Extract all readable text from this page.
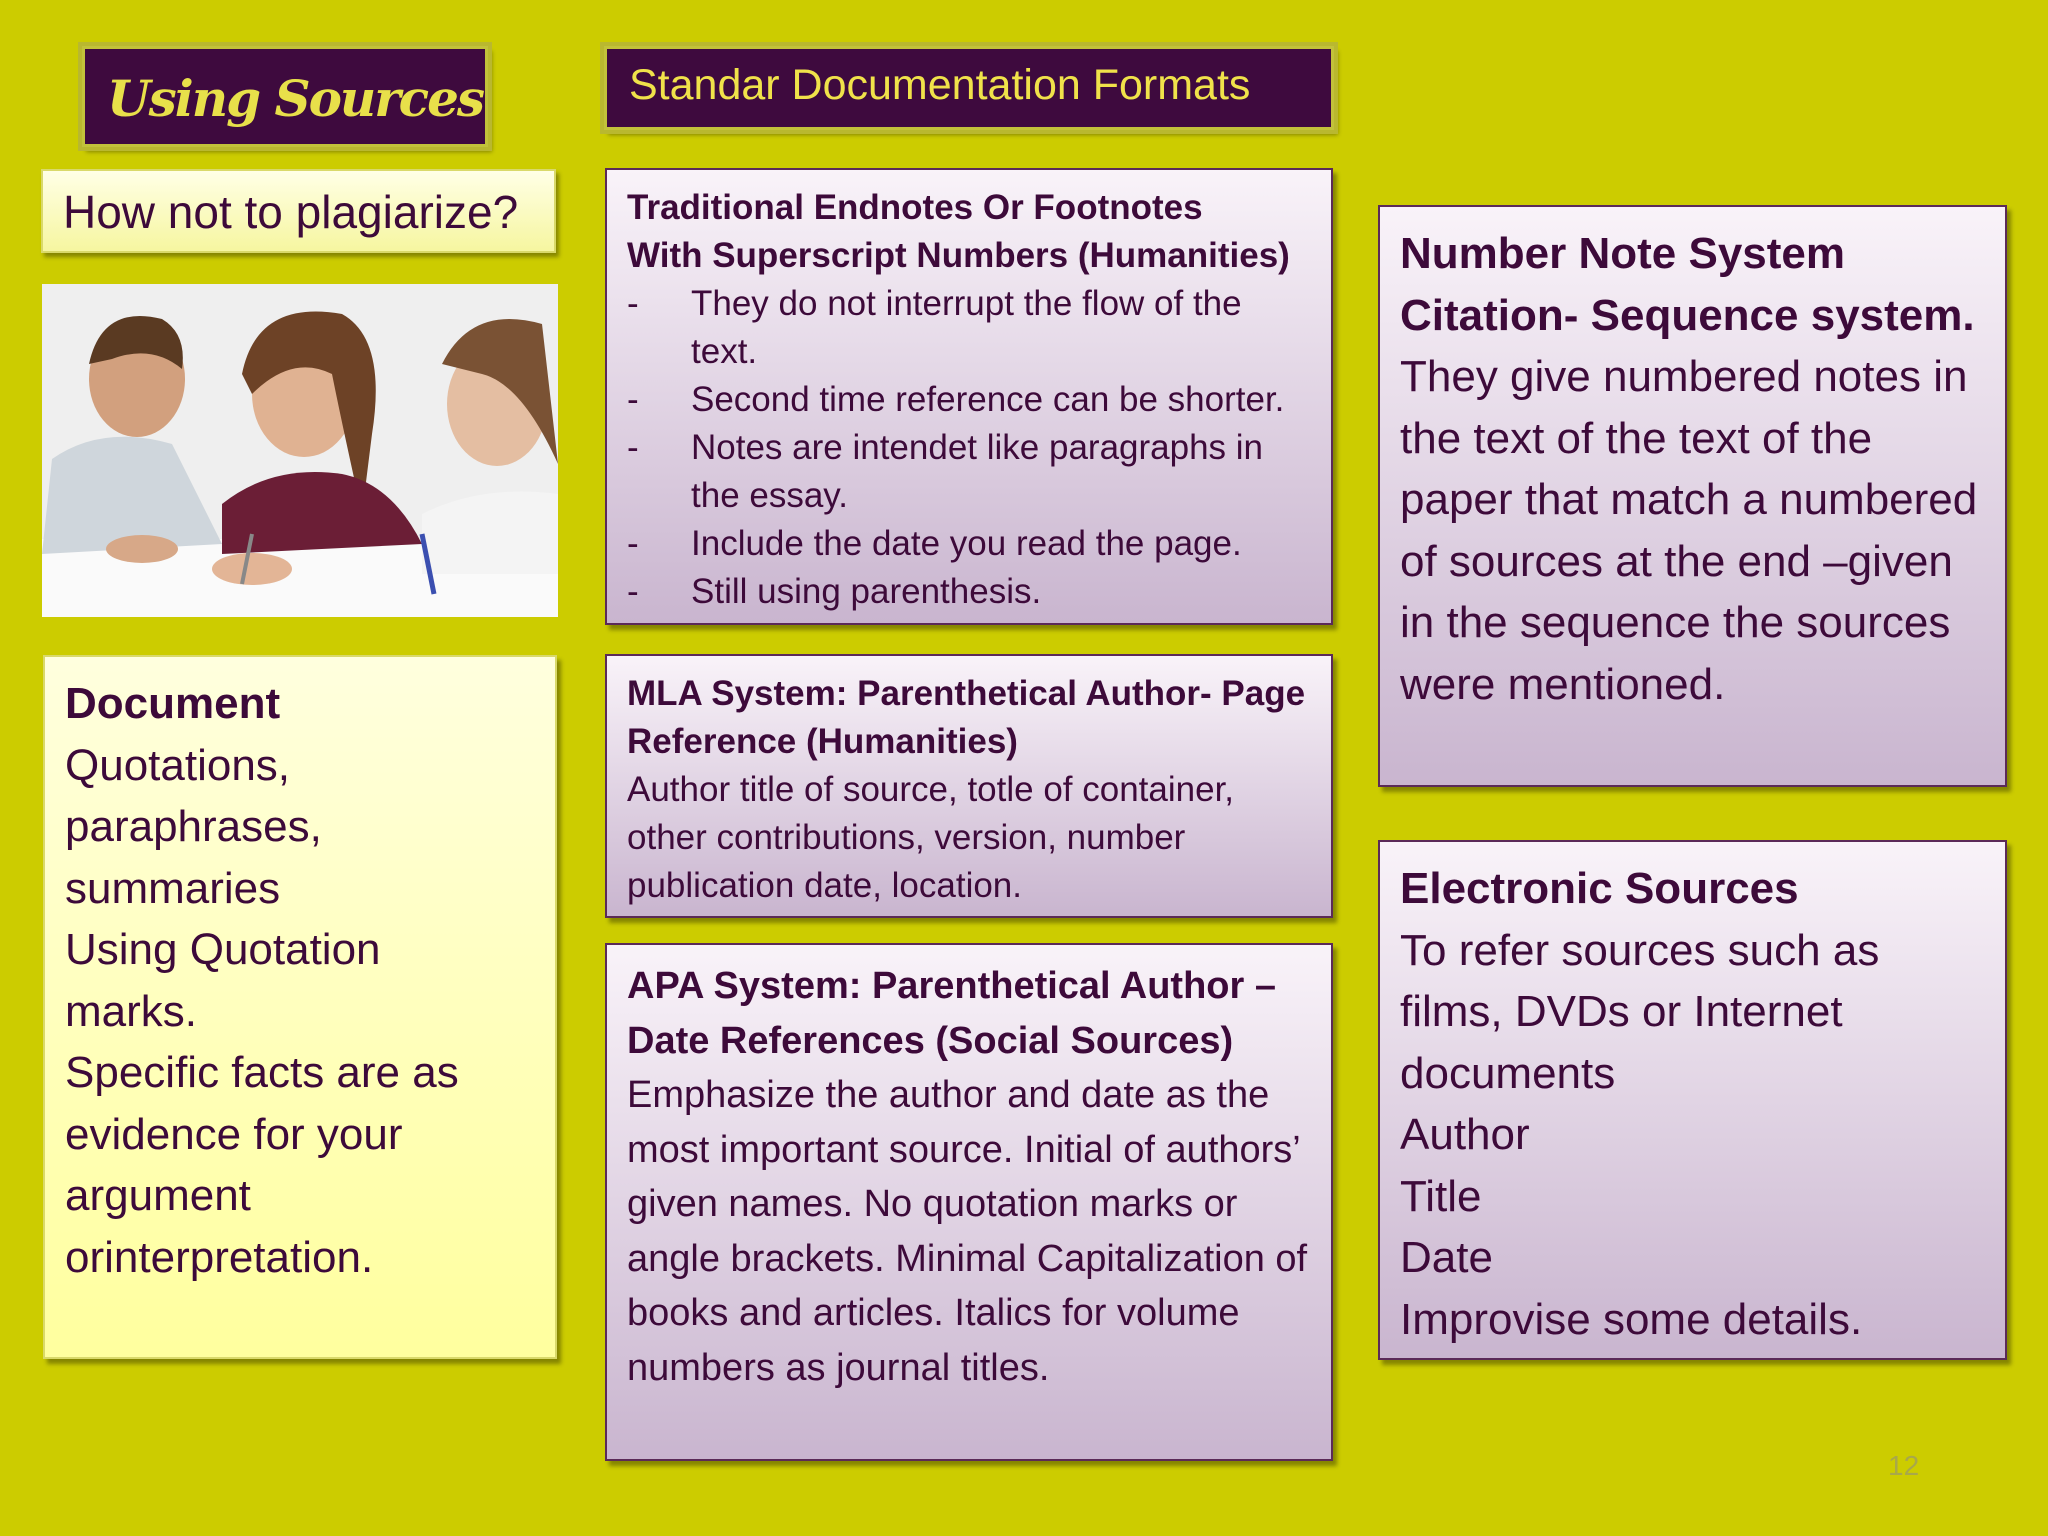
Using Sources	Standar Documentation Formats
How not to plagiarize?
Document
Quotations,
paraphrases,
summaries
Using Quotation
marks.
Specific facts are as
evidence for your
argument
orinterpretation.
Traditional Endnotes Or Footnotes
With Superscript Numbers (Humanities)
- They do not interrupt the flow of the text.
- Second time reference can be shorter.
- Notes are intendet like paragraphs in the essay.
- Include the date you read the page.
- Still using parenthesis.
MLA System: Parenthetical Author- Page Reference (Humanities)
Author title of source, totle of container, other contributions, version, number publication date, location.
APA System: Parenthetical Author – Date References (Social Sources)
Emphasize the author and date as the most important source. Initial of authors’ given names. No quotation marks or angle brackets. Minimal Capitalization of books and articles. Italics for volume numbers as journal titles.
Number Note System Citation- Sequence system.
They give numbered notes in the text of the text of the paper that match a numbered of sources at the end –given in the sequence the sources were mentioned.
Electronic Sources
To refer sources such as
films, DVDs or Internet
documents
Author
Title
Date
Improvise some details.
12
